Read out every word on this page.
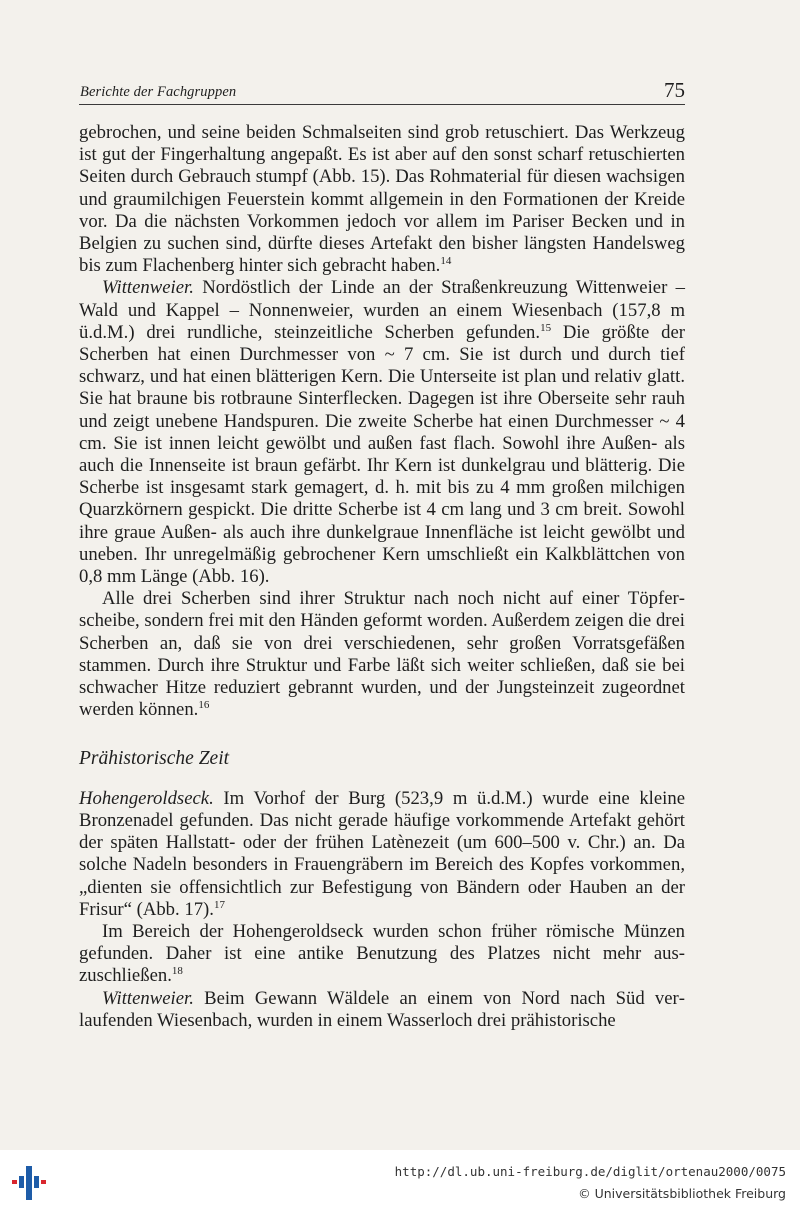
Berichte der Fachgruppen	75

gebrochen, und seine beiden Schmalseiten sind grob retuschiert. Das Werkzeug ist gut der Fingerhaltung angepaßt. Es ist aber auf den sonst scharf retuschierten Seiten durch Gebrauch stumpf (Abb. 15). Das Rohmaterial für diesen wachsigen und graumilchigen Feuerstein kommt allgemein in den Formationen der Kreide vor. Da die nächsten Vorkommen jedoch vor allem im Pariser Becken und in Belgien zu suchen sind, dürfte dieses Artefakt den bisher längsten Handelsweg bis zum Flachenberg hinter sich gebracht haben.$^{14}$

Wittenweier. Nordöstlich der Linde an der Straßenkreuzung Wittenweier – Wald und Kappel – Nonnenweier, wurden an einem Wiesenbach (157,8 m ü.d.M.) drei rundliche, steinzeitliche Scherben gefunden.$^{15}$ Die größte der Scherben hat einen Durchmesser von ~ 7 cm. Sie ist durch und durch tief schwarz, und hat einen blätterigen Kern. Die Unterseite ist plan und relativ glatt. Sie hat braune bis rotbraune Sinterflecken. Dagegen ist ihre Oberseite sehr rauh und zeigt unebene Handspuren. Die zweite Scherbe hat einen Durchmesser ~ 4 cm. Sie ist innen leicht gewölbt und außen fast flach. Sowohl ihre Außen- als auch die Innenseite ist braun gefärbt. Ihr Kern ist dunkelgrau und blätterig. Die Scherbe ist insgesamt stark gemagert, d. h. mit bis zu 4 mm großen milchigen Quarzkörnern gespickt. Die dritte Scherbe ist 4 cm lang und 3 cm breit. Sowohl ihre graue Außen- als auch ihre dunkelgraue Innenfläche ist leicht gewölbt und uneben. Ihr unregelmäßig gebrochener Kern umschließt ein Kalkblättchen von 0,8 mm Länge (Abb. 16).

Alle drei Scherben sind ihrer Struktur nach noch nicht auf einer Töpferscheibe, sondern frei mit den Händen geformt worden. Außerdem zeigen die drei Scherben an, daß sie von drei verschiedenen, sehr großen Vorratsgefäßen stammen. Durch ihre Struktur und Farbe läßt sich weiter schließen, daß sie bei schwacher Hitze reduziert gebrannt wurden, und der Jungsteinzeit zugeordnet werden können.$^{16}$

Prähistorische Zeit

Hohengeroldseck. Im Vorhof der Burg (523,9 m ü.d.M.) wurde eine kleine Bronzenadel gefunden. Das nicht gerade häufige vorkommende Artefakt gehört der späten Hallstatt- oder der frühen Latènezeit (um 600–500 v. Chr.) an. Da solche Nadeln besonders in Frauengräbern im Bereich des Kopfes vorkommen, „dienten sie offensichtlich zur Befestigung von Bändern oder Hauben an der Frisur“ (Abb. 17).$^{17}$

Im Bereich der Hohengeroldseck wurden schon früher römische Münzen gefunden. Daher ist eine antike Benutzung des Platzes nicht mehr auszuschließen.$^{18}$

Wittenweier. Beim Gewann Wäldele an einem von Nord nach Süd verlaufenden Wiesenbach, wurden in einem Wasserloch drei prähistorische

http://dl.ub.uni-freiburg.de/diglit/ortenau2000/0075
© Universitätsbibliothek Freiburg
